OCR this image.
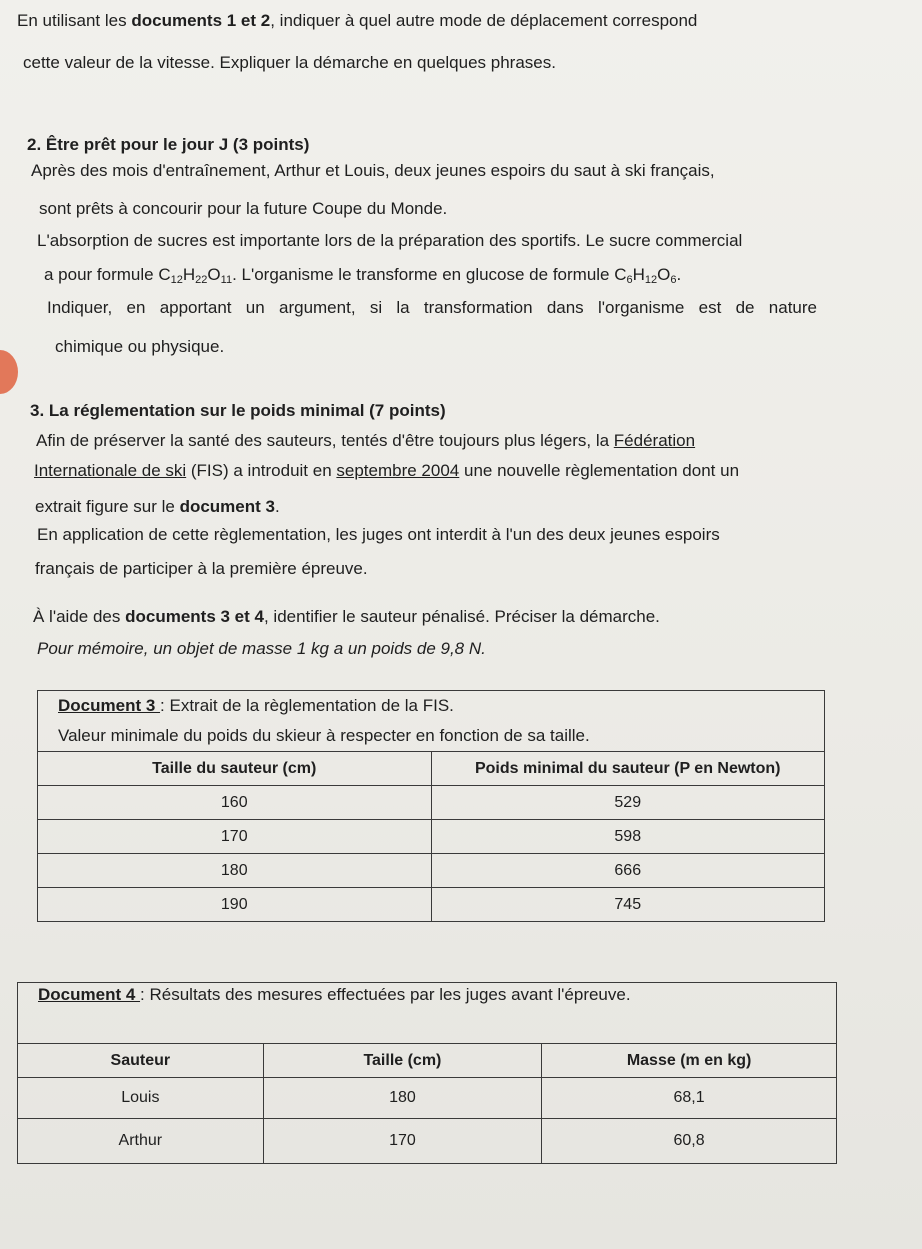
En utilisant les documents 1 et 2, indiquer à quel autre mode de déplacement correspond
cette valeur de la vitesse. Expliquer la démarche en quelques phrases.
2. Être prêt pour le jour J (3 points)
Après des mois d'entraînement, Arthur et Louis, deux jeunes espoirs du saut à ski français,
sont prêts à concourir pour la future Coupe du Monde.
L'absorption de sucres est importante lors de la préparation des sportifs. Le sucre commercial
a pour formule $C_{12}H_{22}O_{11}$. L'organisme le transforme en glucose de formule $C_6H_{12}O_6$.
Indiquer, en apportant un argument, si la transformation dans l'organisme est de nature
chimique ou physique.
3. La réglementation sur le poids minimal (7 points)
Afin de préserver la santé des sauteurs, tentés d'être toujours plus légers, la Fédération
Internationale de ski (FIS) a introduit en septembre 2004 une nouvelle règlementation dont un
extrait figure sur le document 3.
En application de cette règlementation, les juges ont interdit à l'un des deux jeunes espoirs
français de participer à la première épreuve.
À l'aide des documents 3 et 4, identifier le sauteur pénalisé. Préciser la démarche.
Pour mémoire, un objet de masse 1 kg a un poids de 9,8 N.
Document 3 : Extrait de la règlementation de la FIS.	
Valeur minimale du poids du skieur à respecter en fonction de sa taille.	
Taille du sauteur (cm)	Poids minimal du sauteur (P en Newton)
160	529
170	598
180	666
190	745
Document 4 : Résultats des mesures effectuées par les juges avant l'épreuve.		
Sauteur	Taille (cm)	Masse (m en kg)
Louis	180	68,1
Arthur	170	60,8
